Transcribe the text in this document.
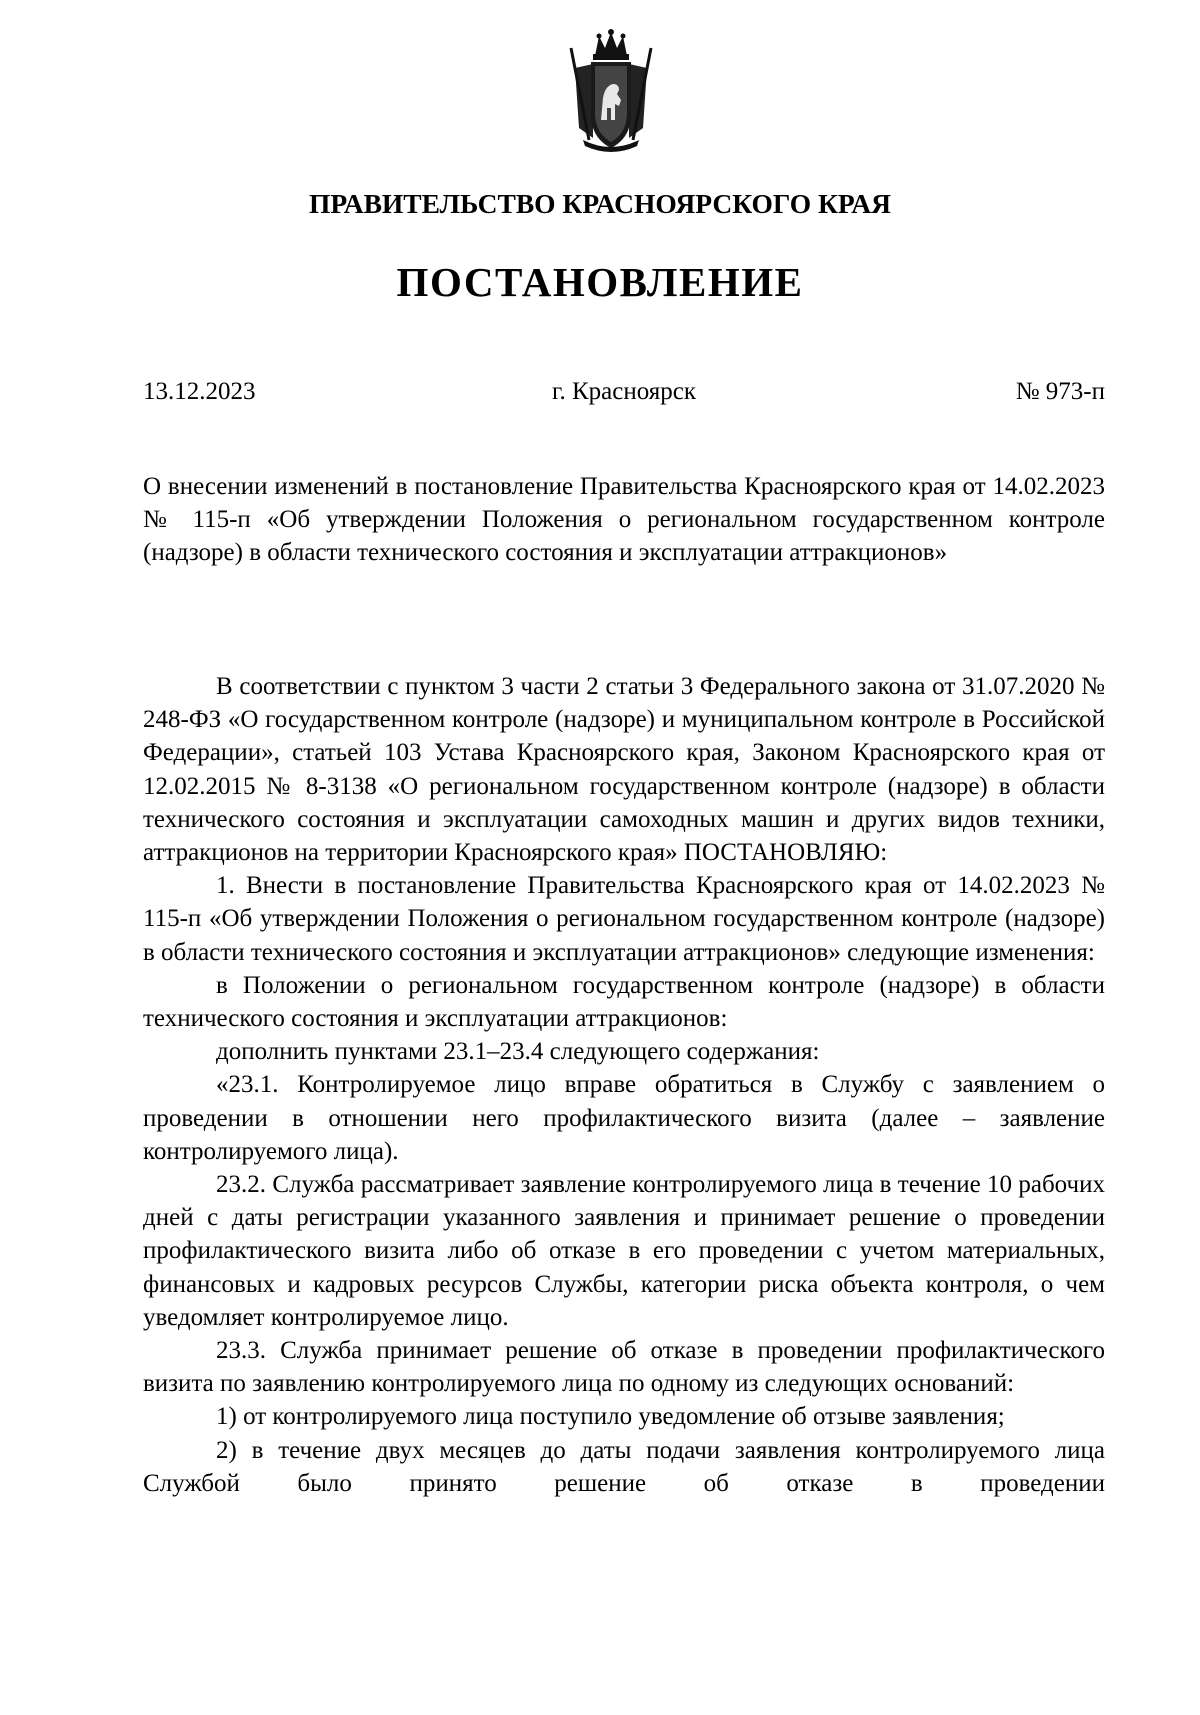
ПРАВИТЕЛЬСТВО КРАСНОЯРСКОГО КРАЯ
ПОСТАНОВЛЕНИЕ
13.12.2023	г. Красноярск	№ 973-п

О внесении изменений в постановление Правительства Красноярского края от 14.02.2023 № 115-п «Об утверждении Положения о региональном государственном контроле (надзоре) в области технического состояния и эксплуатации аттракционов»

В соответствии с пунктом 3 части 2 статьи 3 Федерального закона от 31.07.2020 № 248-ФЗ «О государственном контроле (надзоре) и муниципальном контроле в Российской Федерации», статьей 103 Устава Красноярского края, Законом Красноярского края от 12.02.2015 № 8-3138 «О региональном государственном контроле (надзоре) в области технического состояния и эксплуатации самоходных машин и других видов техники, аттракционов на территории Красноярского края» ПОСТАНОВЛЯЮ:

1. Внести в постановление Правительства Красноярского края от 14.02.2023 № 115-п «Об утверждении Положения о региональном государственном контроле (надзоре) в области технического состояния и эксплуатации аттракционов» следующие изменения:

в Положении о региональном государственном контроле (надзоре) в области технического состояния и эксплуатации аттракционов:

дополнить пунктами 23.1–23.4 следующего содержания:

«23.1. Контролируемое лицо вправе обратиться в Службу с заявлением о проведении в отношении него профилактического визита (далее – заявление контролируемого лица).

23.2. Служба рассматривает заявление контролируемого лица в течение 10 рабочих дней с даты регистрации указанного заявления и принимает решение о проведении профилактического визита либо об отказе в его проведении с учетом материальных, финансовых и кадровых ресурсов Службы, категории риска объекта контроля, о чем уведомляет контролируемое лицо.

23.3. Служба принимает решение об отказе в проведении профилактического визита по заявлению контролируемого лица по одному из следующих оснований:

1) от контролируемого лица поступило уведомление об отзыве заявления;

2) в течение двух месяцев до даты подачи заявления контролируемого лица Службой было принято решение об отказе в проведении
